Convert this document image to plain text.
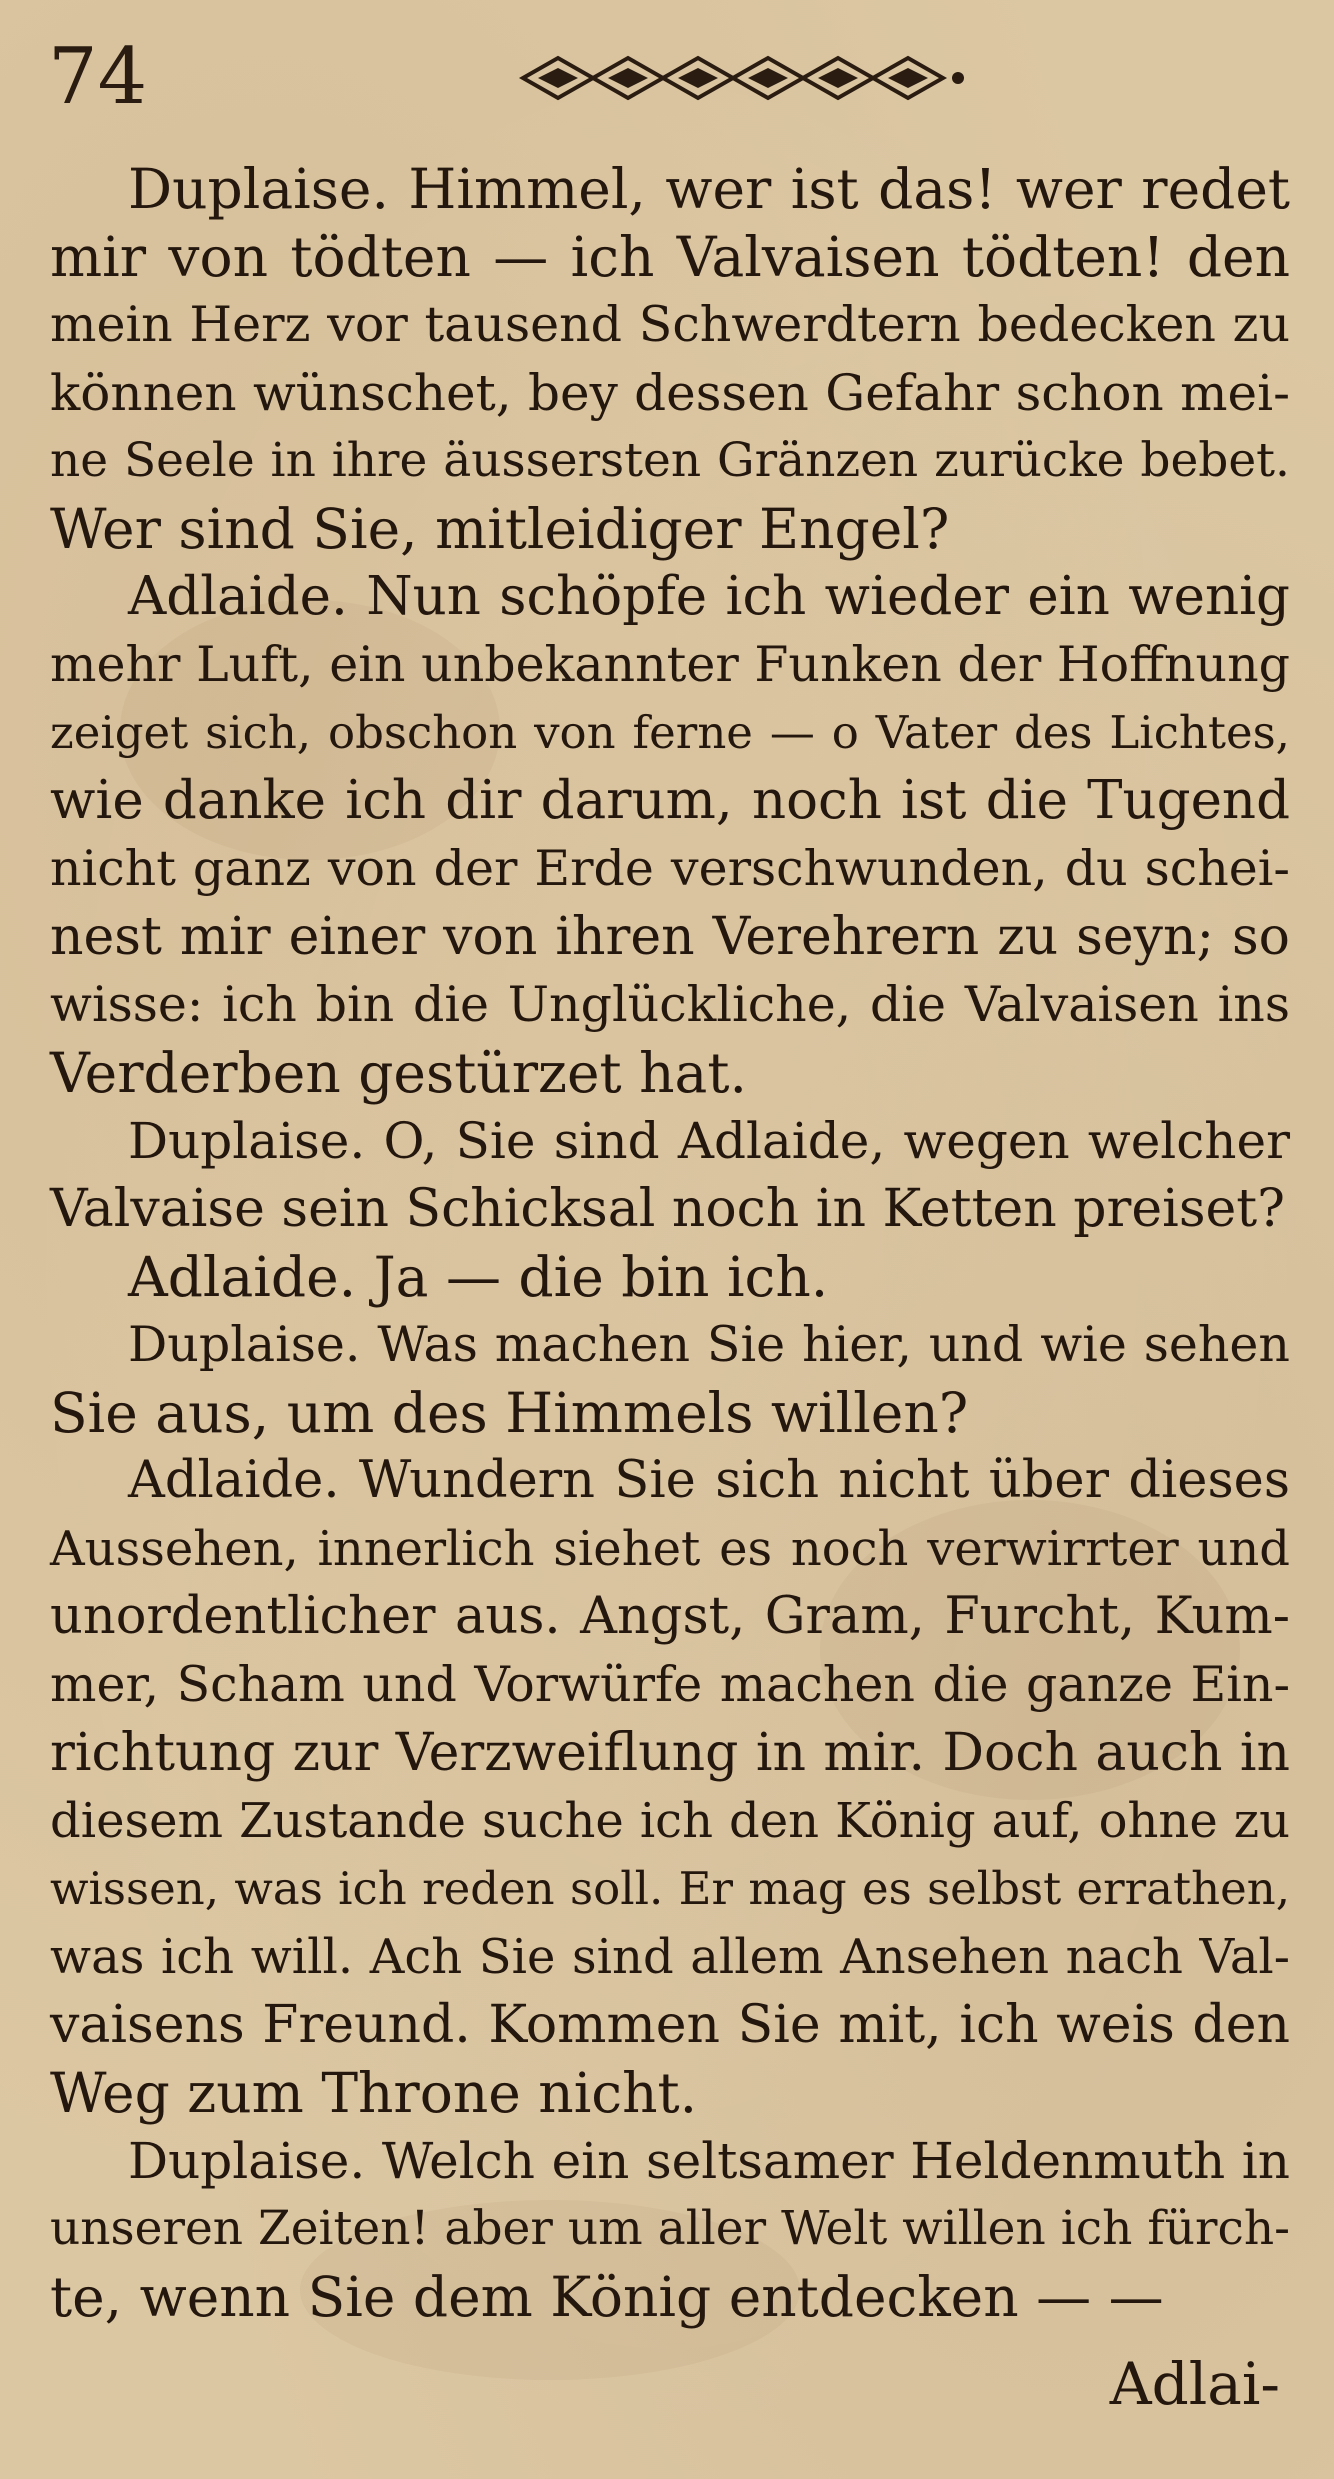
74
Duplaise. Himmel, wer ist das! wer redet
mir von tödten — ich Valvaisen tödten! den
mein Herz vor tausend Schwerdtern bedecken zu
können wünschet, bey dessen Gefahr schon mei-
ne Seele in ihre äussersten Gränzen zurücke bebet.
Wer sind Sie, mitleidiger Engel?
Adlaide. Nun schöpfe ich wieder ein wenig
mehr Luft, ein unbekannter Funken der Hoffnung
zeiget sich, obschon von ferne — o Vater des Lichtes,
wie danke ich dir darum, noch ist die Tugend
nicht ganz von der Erde verschwunden, du schei-
nest mir einer von ihren Verehrern zu seyn; so
wisse: ich bin die Unglückliche, die Valvaisen ins
Verderben gestürzet hat.
Duplaise. O, Sie sind Adlaide, wegen welcher
Valvaise sein Schicksal noch in Ketten preiset?
Adlaide. Ja — die bin ich.
Duplaise. Was machen Sie hier, und wie sehen
Sie aus, um des Himmels willen?
Adlaide. Wundern Sie sich nicht über dieses
Aussehen, innerlich siehet es noch verwirrter und
unordentlicher aus. Angst, Gram, Furcht, Kum-
mer, Scham und Vorwürfe machen die ganze Ein-
richtung zur Verzweiflung in mir. Doch auch in
diesem Zustande suche ich den König auf, ohne zu
wissen, was ich reden soll. Er mag es selbst errathen,
was ich will. Ach Sie sind allem Ansehen nach Val-
vaisens Freund. Kommen Sie mit, ich weis den
Weg zum Throne nicht.
Duplaise. Welch ein seltsamer Heldenmuth in
unseren Zeiten! aber um aller Welt willen ich fürch-
te, wenn Sie dem König entdecken — —
Adlai-
